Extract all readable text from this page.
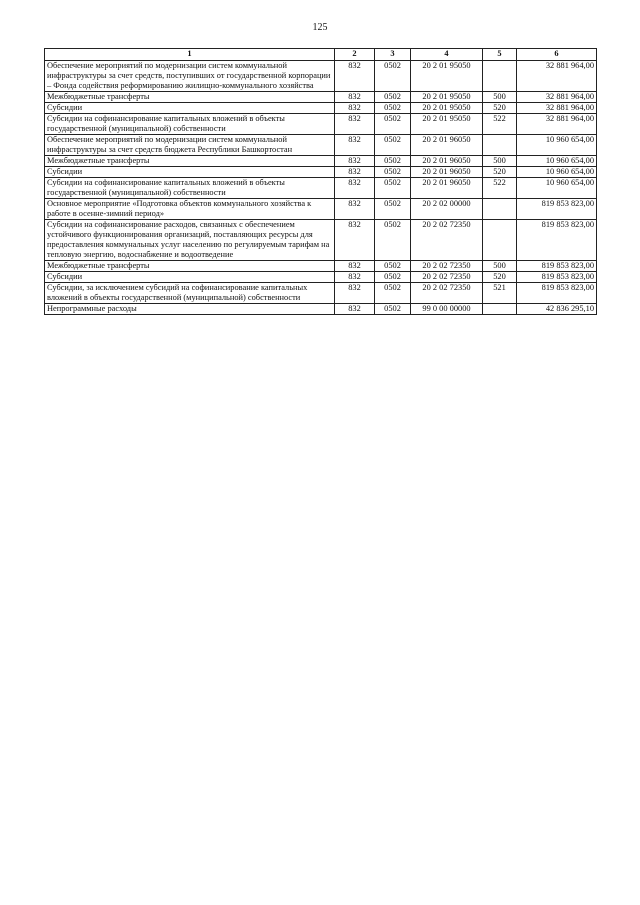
125
1	2	3	4	5	6
Обеспечение мероприятий по модернизации систем коммунальной инфраструктуры за счет средств, поступивших от государственной корпорации – Фонда содействия реформированию жилищно-коммунального хозяйства	832	0502	20 2 01 95050		32 881 964,00
Межбюджетные трансферты	832	0502	20 2 01 95050	500	32 881 964,00
Субсидии	832	0502	20 2 01 95050	520	32 881 964,00
Субсидии на софинансирование капитальных вложений в объекты государственной (муниципальной) собственности	832	0502	20 2 01 95050	522	32 881 964,00
Обеспечение мероприятий по модернизации систем коммунальной инфраструктуры за счет средств бюджета Республики Башкортостан	832	0502	20 2 01 96050		10 960 654,00
Межбюджетные трансферты	832	0502	20 2 01 96050	500	10 960 654,00
Субсидии	832	0502	20 2 01 96050	520	10 960 654,00
Субсидии на софинансирование капитальных вложений в объекты государственной (муниципальной) собственности	832	0502	20 2 01 96050	522	10 960 654,00
Основное мероприятие «Подготовка объектов коммунального хозяйства к работе в осенне-зимний период»	832	0502	20 2 02 00000		819 853 823,00
Субсидии на софинансирование расходов, связанных с обеспечением устойчивого функционирования организаций, поставляющих ресурсы для предоставления коммунальных услуг населению по регулируемым тарифам на тепловую энергию, водоснабжение и водоотведение	832	0502	20 2 02 72350		819 853 823,00
Межбюджетные трансферты	832	0502	20 2 02 72350	500	819 853 823,00
Субсидии	832	0502	20 2 02 72350	520	819 853 823,00
Субсидии, за исключением субсидий на софинансирование капитальных вложений в объекты государственной (муниципальной) собственности	832	0502	20 2 02 72350	521	819 853 823,00
Непрограммные расходы	832	0502	99 0 00 00000		42 836 295,10
